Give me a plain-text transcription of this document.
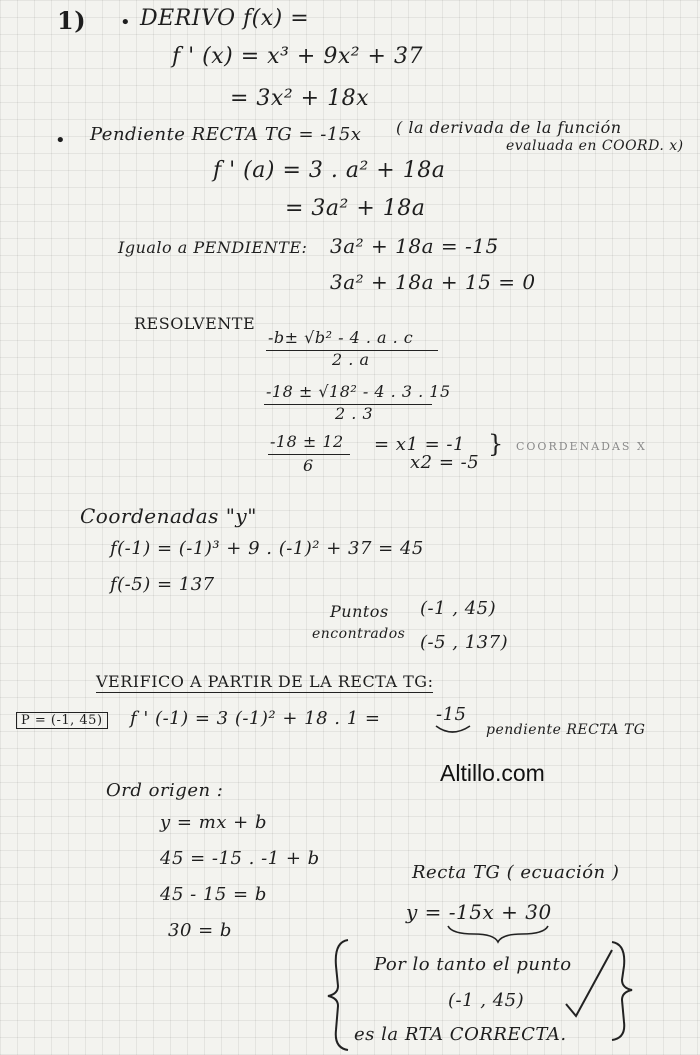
1) • DERIVO f(x) =
f ' (x) = x³ + 9x² + 37
= 3x² + 18x
• Pendiente RECTA TG = -15x ( la derivada de la función
evaluada en COORD. x)
f ' (a) = 3 . a² + 18a
= 3a² + 18a
Igualo a PENDIENTE: 3a² + 18a = -15
3a² + 18a + 15 = 0
RESOLVENTE
-b± √b² - 4 . a . c
2 . a
-18 ± √18² - 4 . 3 . 15
2 . 3
-18 ± 12
6
= x1 = -1
x2 = -5
} COORDENADAS X
Coordenadas "y"
f(-1) = (-1)³ + 9 . (-1)² + 37 = 45
f(-5) = 137
Puntos
encontrados
(-1 , 45)
(-5 , 137)
VERIFICO A PARTIR DE LA RECTA TG:
P = (-1, 45) f ' (-1) = 3 (-1)² + 18 . 1 =	-15
pendiente RECTA TG
Altillo.com
Ord origen :
y = mx + b
45 = -15 . -1 + b
45 - 15 = b
30 = b
Recta TG ( ecuación )
y = -15x + 30
Por lo tanto el punto
(-1 , 45)
es la RTA CORRECTA.
